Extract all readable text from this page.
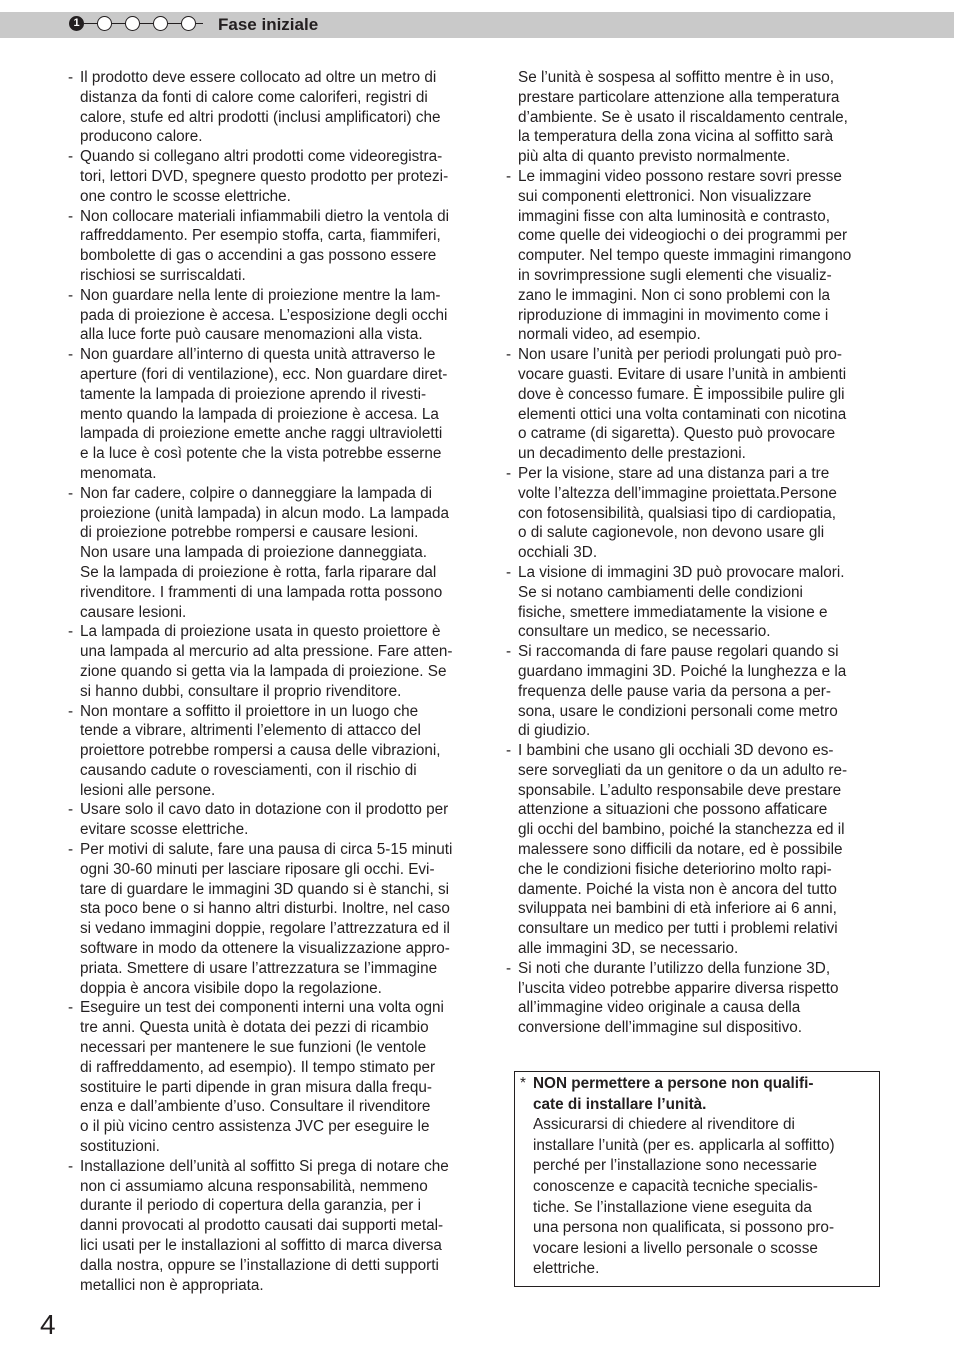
1	Fase iniziale
- Il prodotto deve essere collocato ad oltre un metro di
distanza da fonti di calore come caloriferi, registri di
calore, stufe ed altri prodotti (inclusi amplificatori) che
producono calore.
- Quando si collegano altri prodotti come videoregistra-
tori, lettori DVD, spegnere questo prodotto per protezi-
one contro le scosse elettriche.
- Non collocare materiali infiammabili dietro la ventola di
raffreddamento. Per esempio stoffa, carta, fiammiferi,
bombolette di gas o accendini a gas possono essere
rischiosi se surriscaldati.
- Non guardare nella lente di proiezione mentre la lam-
pada di proiezione è accesa. L’esposizione degli occhi
alla luce forte può causare menomazioni alla vista.
- Non guardare all’interno di questa unità attraverso le
aperture (fori di ventilazione), ecc. Non guardare diret-
tamente la lampada di proiezione aprendo il rivesti-
mento quando la lampada di proiezione è accesa. La
lampada di proiezione emette anche raggi ultravioletti
e la luce è così potente che la vista potrebbe esserne
menomata.
- Non far cadere, colpire o danneggiare la lampada di
proiezione (unità lampada) in alcun modo. La lampada
di proiezione potrebbe rompersi e causare lesioni.
Non usare una lampada di proiezione danneggiata.
Se la lampada di proiezione è rotta, farla riparare dal
rivenditore. I frammenti di una lampada rotta possono
causare lesioni.
- La lampada di proiezione usata in questo proiettore è
una lampada al mercurio ad alta pressione. Fare atten-
zione quando si getta via la lampada di proiezione. Se
si hanno dubbi, consultare il proprio rivenditore.
- Non montare a soffitto il proiettore in un luogo che
tende a vibrare, altrimenti l’elemento di attacco del
proiettore potrebbe rompersi a causa delle vibrazioni,
causando cadute o rovesciamenti, con il rischio di
lesioni alle persone.
- Usare solo il cavo dato in dotazione con il prodotto per
evitare scosse elettriche.
- Per motivi di salute, fare una pausa di circa 5-15 minuti
ogni 30-60 minuti per lasciare riposare gli occhi. Evi-
tare di guardare le immagini 3D quando si è stanchi, si
sta poco bene o si hanno altri disturbi. Inoltre, nel caso
si vedano immagini doppie, regolare l’attrezzatura ed il
software in modo da ottenere la visualizzazione appro-
priata. Smettere di usare l’attrezzatura se l’immagine
doppia è ancora visibile dopo la regolazione.
- Eseguire un test dei componenti interni una volta ogni
tre anni. Questa unità è dotata dei pezzi di ricambio
necessari per mantenere le sue funzioni (le ventole
di raffreddamento, ad esempio). Il tempo stimato per
sostituire le parti dipende in gran misura dalla frequ-
enza e dall’ambiente d’uso. Consultare il rivenditore
o il più vicino centro assistenza JVC per eseguire le
sostituzioni.
- Installazione dell’unità al soffitto Si prega di notare che
non ci assumiamo alcuna responsabilità, nemmeno
durante il periodo di copertura della garanzia, per i
danni provocati al prodotto causati dai supporti metal-
lici usati per le installazioni al soffitto di marca diversa
dalla nostra, oppure se l’installazione di detti supporti
metallici non è appropriata.
Se l’unità è sospesa al soffitto mentre è in uso,
prestare particolare attenzione alla temperatura
d’ambiente. Se è usato il riscaldamento centrale,
la temperatura della zona vicina al soffitto sarà
più alta di quanto previsto normalmente.
- Le immagini video possono restare sovri presse
sui componenti elettronici. Non visualizzare
immagini fisse con alta luminosità e contrasto,
come quelle dei videogiochi o dei programmi per
computer. Nel tempo queste immagini rimangono
in sovrimpressione sugli elementi che visualiz-
zano le immagini. Non ci sono problemi con la
riproduzione di immagini in movimento come i
normali video, ad esempio.
- Non usare l’unità per periodi prolungati può pro-
vocare guasti. Evitare di usare l’unità in ambienti
dove è concesso fumare. È impossibile pulire gli
elementi ottici una volta contaminati con nicotina
o catrame (di sigaretta). Questo può provocare
un decadimento delle prestazioni.
- Per la visione, stare ad una distanza pari a tre
volte l’altezza dell’immagine proiettata.Persone
con fotosensibilità, qualsiasi tipo di cardiopatia,
o di salute cagionevole, non devono usare gli
occhiali 3D.
- La visione di immagini 3D può provocare malori.
Se si notano cambiamenti delle condizioni
fisiche, smettere immediatamente la visione e
consultare un medico, se necessario.
- Si raccomanda di fare pause regolari quando si
guardano immagini 3D. Poiché la lunghezza e la
frequenza delle pause varia da persona a per-
sona, usare le condizioni personali come metro
di giudizio.
- I bambini che usano gli occhiali 3D devono es-
sere sorvegliati da un genitore o da un adulto re-
sponsabile. L’adulto responsabile deve prestare
attenzione a situazioni che possono affaticare
gli occhi del bambino, poiché la stanchezza ed il
malessere sono difficili da notare, ed è possibile
che le condizioni fisiche deteriorino molto rapi-
damente. Poiché la vista non è ancora del tutto
sviluppata nei bambini di età inferiore ai 6 anni,
consultare un medico per tutti i problemi relativi
alle immagini 3D, se necessario.
- Si noti che durante l’utilizzo della funzione 3D,
l’uscita video potrebbe apparire diversa rispetto
all’immagine video originale a causa della
conversione dell’immagine sul dispositivo.
* NON permettere a persone non qualifi-
cate di installare l’unità.
Assicurarsi di chiedere al rivenditore di
installare l’unità (per es. applicarla al soffitto)
perché per l’installazione sono necessarie
conoscenze e capacità tecniche specialis-
tiche. Se l’installazione viene eseguita da
una persona non qualificata, si possono pro-
vocare lesioni a livello personale o scosse
elettriche.
4
